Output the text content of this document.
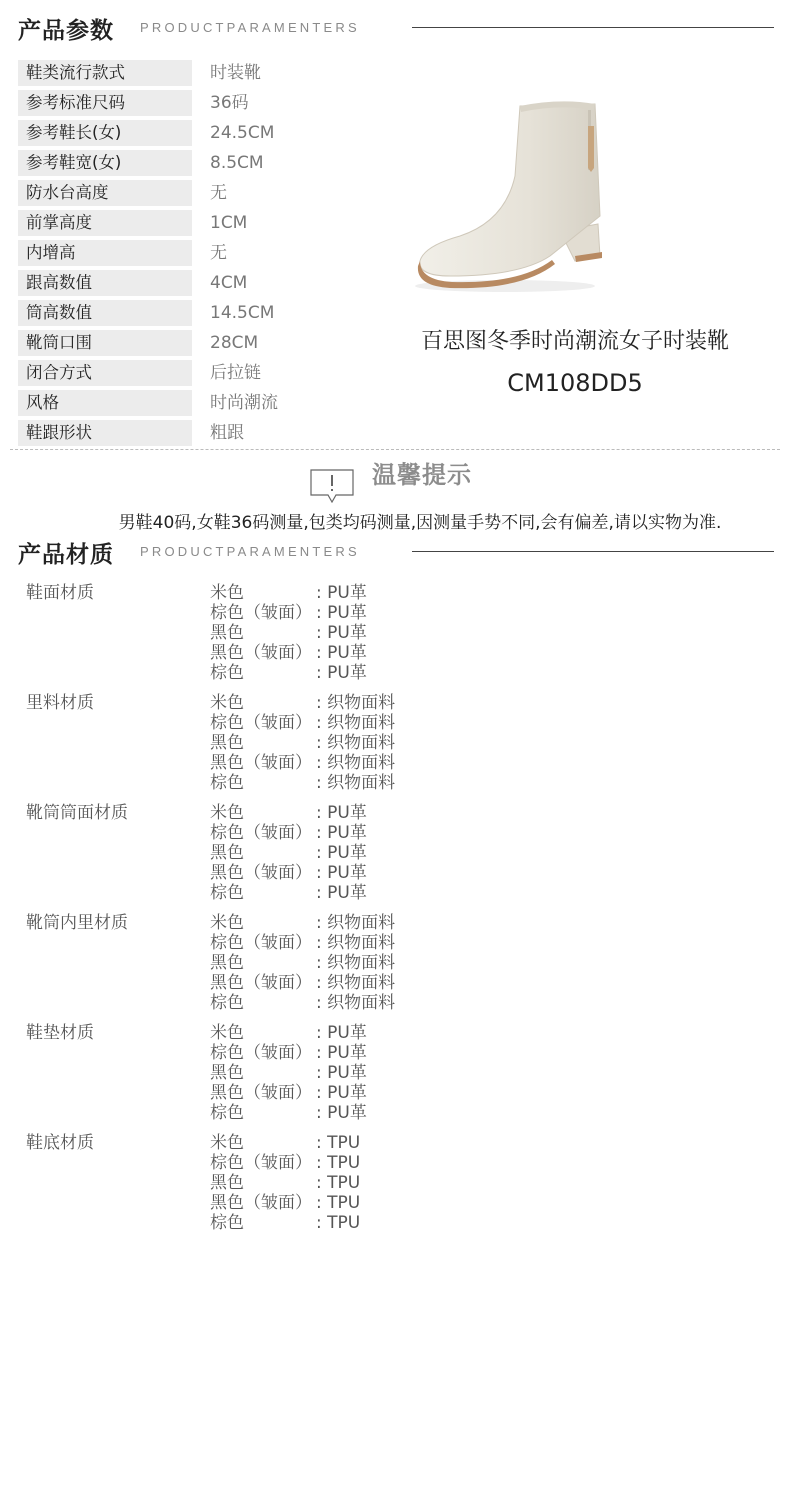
产品参数 PRODUCTPARAMENTERS
鞋类流行款式	时装靴
参考标准尺码	36码
参考鞋长(女)	24.5CM
参考鞋宽(女)	8.5CM
防水台高度	无
前掌高度	1CM
内增高	无
跟高数值	4CM
筒高数值	14.5CM
靴筒口围	28CM
闭合方式	后拉链
风格	时尚潮流
鞋跟形状	粗跟
百思图冬季时尚潮流女子时装靴
CM108DD5
温馨提示
男鞋40码,女鞋36码测量,包类均码测量,因测量手势不同,会有偏差,请以实物为准.
产品材质 PRODUCTPARAMENTERS
鞋面材质	米色	: PU革
棕色（皱面） : PU革
黑色	: PU革
黑色（皱面） : PU革
棕色	: PU革
里料材质	米色	: 织物面料
棕色（皱面） : 织物面料
黑色	: 织物面料
黑色（皱面） : 织物面料
棕色	: 织物面料
靴筒筒面材质	米色	: PU革
棕色（皱面） : PU革
黑色	: PU革
黑色（皱面） : PU革
棕色	: PU革
靴筒内里材质	米色	: 织物面料
棕色（皱面） : 织物面料
黑色	: 织物面料
黑色（皱面） : 织物面料
棕色	: 织物面料
鞋垫材质	米色	: PU革
棕色（皱面） : PU革
黑色	: PU革
黑色（皱面） : PU革
棕色	: PU革
鞋底材质	米色	: TPU
棕色（皱面） : TPU
黑色	: TPU
黑色（皱面） : TPU
棕色	: TPU
